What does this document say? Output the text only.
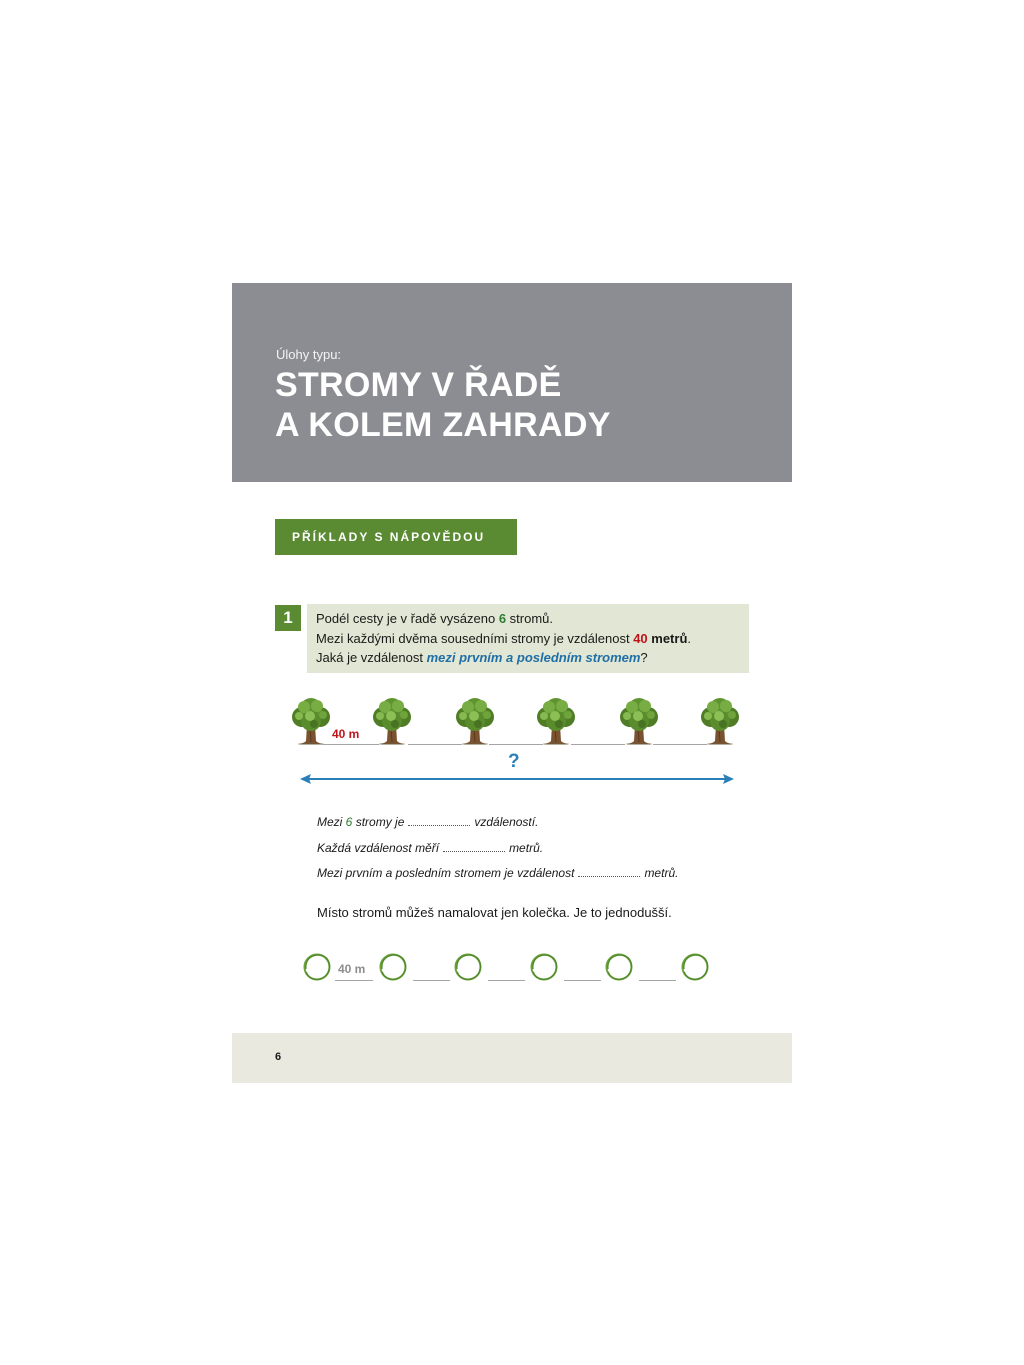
Úlohy typu:
STROMY V ŘADĚ
A KOLEM ZAHRADY
PŘÍKLADY S NÁPOVĚDOU
1	Podél cesty je v řadě vysázeno 6 stromů.
Mezi každými dvěma sousedními stromy je vzdálenost 40 metrů.
Jaká je vzdálenost mezi prvním a posledním stromem?
40 m
?
Mezi 6 stromy je	vzdáleností.
Každá vzdálenost měří	metrů.
Mezi prvním a posledním stromem je vzdálenost	metrů.
Místo stromů můžeš namalovat jen kolečka. Je to jednodušší.
40 m
6
